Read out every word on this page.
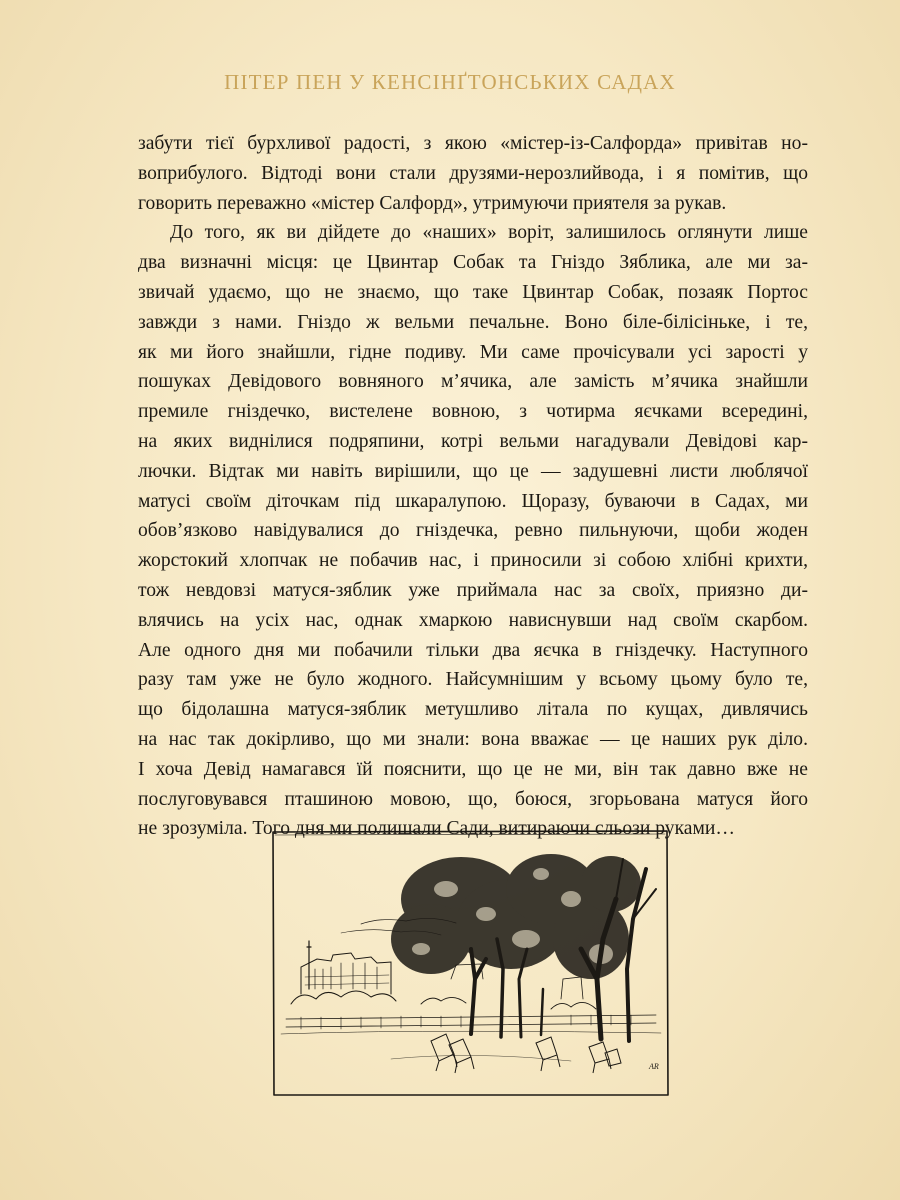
ПІТЕР ПЕН У КЕНСІНҐТОНСЬКИХ САДАХ
забути тієї бурхливої радості, з якою «містер-із-Салфорда» привітав но-
воприбулого. Відтоді вони стали друзями-нерозлийвода, і я помітив, що
говорить переважно «містер Салфорд», утримуючи приятеля за рукав.
До того, як ви дійдете до «наших» воріт, залишилось оглянути лише
два визначні місця: це Цвинтар Собак та Гніздо Зяблика, але ми за-
звичай удаємо, що не знаємо, що таке Цвинтар Собак, позаяк Портос
завжди з нами. Гніздо ж вельми печальне. Воно біле-білісіньке, і те,
як ми його знайшли, гідне подиву. Ми саме прочісували усі зарості у
пошуках Девідового вовняного м’ячика, але замість м’ячика знайшли
премиле гніздечко, вистелене вовною, з чотирма яєчками всередині,
на яких виднілися подряпини, котрі вельми нагадували Девідові кар-
лючки. Відтак ми навіть вирішили, що це — задушевні листи люблячої
матусі своїм діточкам під шкаралупою. Щоразу, буваючи в Садах, ми
обов’язково навідувалися до гніздечка, ревно пильнуючи, щоби жоден
жорстокий хлопчак не побачив нас, і приносили зі собою хлібні крихти,
тож невдовзі матуся-зяблик уже приймала нас за своїх, приязно ди-
влячись на усіх нас, однак хмаркою нависнувши над своїм скарбом.
Але одного дня ми побачили тільки два яєчка в гніздечку. Наступного
разу там уже не було жодного. Найсумнішим у всьому цьому було те,
що бідолашна матуся-зяблик метушливо літала по кущах, дивлячись
на нас так докірливо, що ми знали: вона вважає — це наших рук діло.
І хоча Девід намагався їй пояснити, що це не ми, він так давно вже не
послуговувався пташиною мовою, що, боюся, згорьована матуся його
не зрозуміла. Того дня ми полишали Сади, витираючи сльози руками…
AR
